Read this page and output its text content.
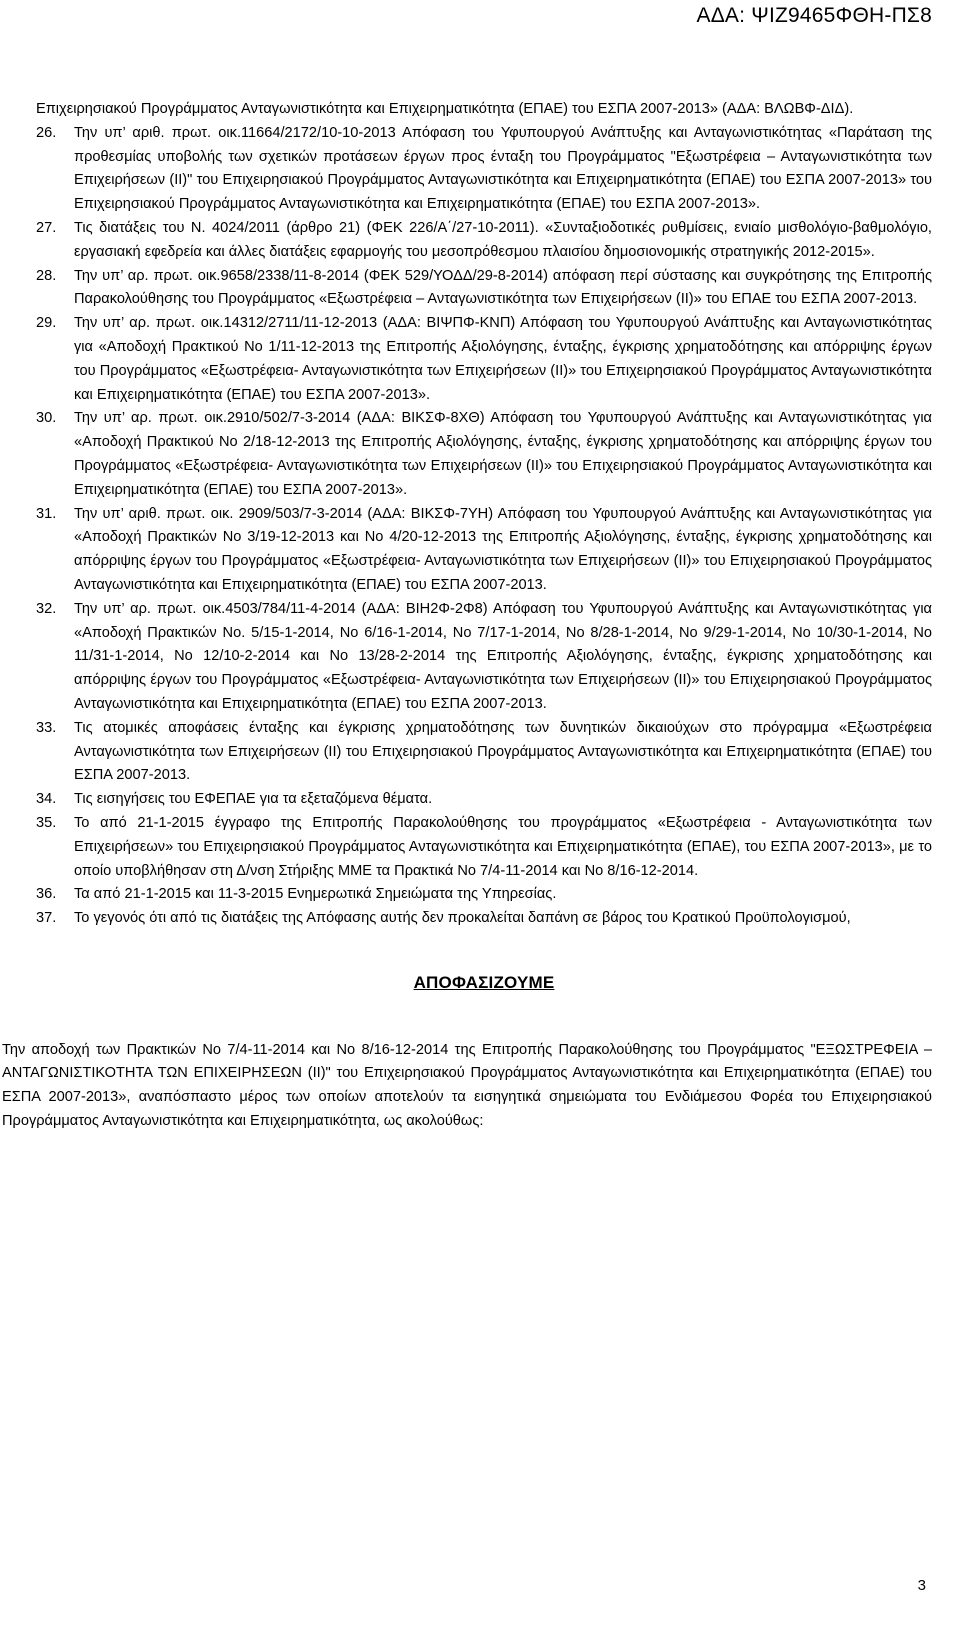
ΑΔΑ: ΨΙΖ9465ΦΘΗ-ΠΣ8

Επιχειρησιακού Προγράμματος Ανταγωνιστικότητα και Επιχειρηματικότητα (ΕΠΑΕ) του ΕΣΠΑ 2007-2013» (ΑΔΑ: ΒΛΩΒΦ-ΔΙΔ).

26.	Την υπ’ αριθ. πρωτ. οικ.11664/2172/10-10-2013 Απόφαση του Υφυπουργού Ανάπτυξης και Ανταγωνιστικότητας «Παράταση της προθεσμίας υποβολής των σχετικών προτάσεων έργων προς ένταξη του Προγράμματος "Εξωστρέφεια – Ανταγωνιστικότητα των Επιχειρήσεων (ΙΙ)" του Επιχειρησιακού Προγράμματος Ανταγωνιστικότητα και Επιχειρηματικότητα (ΕΠΑΕ) του ΕΣΠΑ 2007-2013» του Επιχειρησιακού Προγράμματος Ανταγωνιστικότητα και Επιχειρηματικότητα (ΕΠΑΕ) του ΕΣΠΑ 2007-2013».
27.	Τις διατάξεις του Ν. 4024/2011 (άρθρο 21) (ΦΕΚ 226/Α΄/27-10-2011). «Συνταξιοδοτικές ρυθμίσεις, ενιαίο μισθολόγιο-βαθμολόγιο, εργασιακή εφεδρεία και άλλες διατάξεις εφαρμογής του μεσοπρόθεσμου πλαισίου δημοσιονομικής στρατηγικής 2012-2015».
28.	Την υπ’ αρ. πρωτ. οικ.9658/2338/11-8-2014 (ΦΕΚ 529/ΥΟΔΔ/29-8-2014) απόφαση περί σύστασης και συγκρότησης της Επιτροπής Παρακολούθησης του Προγράμματος «Εξωστρέφεια – Ανταγωνιστικότητα των Επιχειρήσεων (ΙΙ)» του ΕΠΑΕ του ΕΣΠΑ 2007-2013.
29.	Την υπ’ αρ. πρωτ. οικ.14312/2711/11-12-2013 (ΑΔΑ: ΒΙΨΠΦ-ΚΝΠ) Απόφαση του Υφυπουργού Ανάπτυξης και Ανταγωνιστικότητας για «Αποδοχή Πρακτικού Νο 1/11-12-2013 της Επιτροπής Αξιολόγησης, ένταξης, έγκρισης χρηματοδότησης και απόρριψης έργων του Προγράμματος «Εξωστρέφεια- Ανταγωνιστικότητα των Επιχειρήσεων (ΙΙ)» του Επιχειρησιακού Προγράμματος Ανταγωνιστικότητα και Επιχειρηματικότητα (ΕΠΑΕ) του ΕΣΠΑ 2007-2013».
30.	Την υπ’ αρ. πρωτ. οικ.2910/502/7-3-2014 (ΑΔΑ: ΒΙΚΣΦ-8ΧΘ) Απόφαση του Υφυπουργού Ανάπτυξης και Ανταγωνιστικότητας για «Αποδοχή Πρακτικού Νο 2/18-12-2013 της Επιτροπής Αξιολόγησης, ένταξης, έγκρισης χρηματοδότησης και απόρριψης έργων του Προγράμματος «Εξωστρέφεια- Ανταγωνιστικότητα των Επιχειρήσεων (ΙΙ)» του Επιχειρησιακού Προγράμματος Ανταγωνιστικότητα και Επιχειρηματικότητα (ΕΠΑΕ) του ΕΣΠΑ 2007-2013».
31.	Την υπ’ αριθ. πρωτ. οικ. 2909/503/7-3-2014 (ΑΔΑ: ΒΙΚΣΦ-7ΥΗ) Απόφαση του Υφυπουργού Ανάπτυξης και Ανταγωνιστικότητας για «Αποδοχή Πρακτικών Νο 3/19-12-2013 και Νο 4/20-12-2013 της Επιτροπής Αξιολόγησης, ένταξης, έγκρισης χρηματοδότησης και απόρριψης έργων του Προγράμματος «Εξωστρέφεια- Ανταγωνιστικότητα των Επιχειρήσεων (ΙΙ)» του Επιχειρησιακού Προγράμματος Ανταγωνιστικότητα και Επιχειρηματικότητα (ΕΠΑΕ) του ΕΣΠΑ 2007-2013.
32.	Την υπ’ αρ. πρωτ. οικ.4503/784/11-4-2014 (ΑΔΑ: ΒΙΗ2Φ-2Φ8) Απόφαση του Υφυπουργού Ανάπτυξης και Ανταγωνιστικότητας για «Αποδοχή Πρακτικών Νο. 5/15-1-2014, Νο 6/16-1-2014, Νο 7/17-1-2014, Νο 8/28-1-2014, Νο 9/29-1-2014, Νο 10/30-1-2014, Νο 11/31-1-2014, Νο 12/10-2-2014 και Νο 13/28-2-2014 της Επιτροπής Αξιολόγησης, ένταξης, έγκρισης χρηματοδότησης και απόρριψης έργων του Προγράμματος «Εξωστρέφεια- Ανταγωνιστικότητα των Επιχειρήσεων (ΙΙ)» του Επιχειρησιακού Προγράμματος Ανταγωνιστικότητα και Επιχειρηματικότητα (ΕΠΑΕ) του ΕΣΠΑ 2007-2013.
33.	Τις ατομικές αποφάσεις ένταξης και έγκρισης χρηματοδότησης των δυνητικών δικαιούχων στο πρόγραμμα «Εξωστρέφεια Ανταγωνιστικότητα των Επιχειρήσεων (ΙΙ) του Επιχειρησιακού Προγράμματος Ανταγωνιστικότητα και Επιχειρηματικότητα (ΕΠΑΕ) του ΕΣΠΑ 2007-2013.
34.	Τις εισηγήσεις του ΕΦΕΠΑΕ για τα εξεταζόμενα θέματα.
35.	Το από 21-1-2015 έγγραφο της Επιτροπής Παρακολούθησης του προγράμματος «Εξωστρέφεια - Ανταγωνιστικότητα των Επιχειρήσεων» του Επιχειρησιακού Προγράμματος Ανταγωνιστικότητα και Επιχειρηματικότητα (ΕΠΑΕ), του ΕΣΠΑ 2007-2013», με το οποίο υποβλήθησαν στη Δ/νση Στήριξης ΜΜΕ τα Πρακτικά Νο 7/4-11-2014 και Νο 8/16-12-2014.
36.	Τα από 21-1-2015 και 11-3-2015 Ενημερωτικά Σημειώματα της Υπηρεσίας.
37.	Το γεγονός ότι από τις διατάξεις της Απόφασης αυτής δεν προκαλείται δαπάνη σε βάρος του Κρατικού Προϋπολογισμού,
ΑΠΟΦΑΣΙΖΟΥΜΕ

Την αποδοχή των Πρακτικών Νο 7/4-11-2014 και Νο 8/16-12-2014 της Επιτροπής Παρακολούθησης του Προγράμματος "ΕΞΩΣΤΡΕΦΕΙΑ – ΑΝΤΑΓΩΝΙΣΤΙΚΟΤΗΤΑ ΤΩΝ ΕΠΙΧΕΙΡΗΣΕΩΝ (ΙΙ)" του Επιχειρησιακού Προγράμματος Ανταγωνιστικότητα και Επιχειρηματικότητα (ΕΠΑΕ) του ΕΣΠΑ 2007-2013», αναπόσπαστο μέρος των οποίων αποτελούν τα εισηγητικά σημειώματα του Ενδιάμεσου Φορέα του Επιχειρησιακού Προγράμματος Ανταγωνιστικότητα και Επιχειρηματικότητα, ως ακολούθως:

3
